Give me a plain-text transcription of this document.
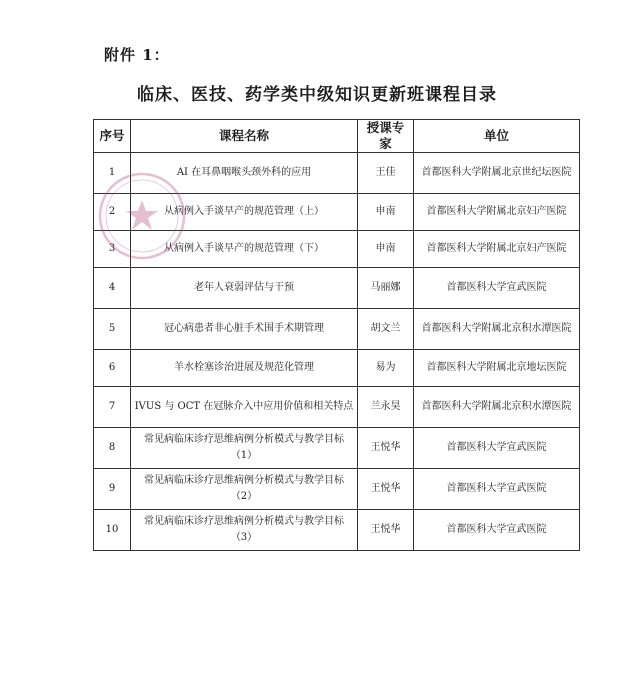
附件 1：
临床、医技、药学类中级知识更新班课程目录
序号	课程名称	授课专家	单位
1	AI 在耳鼻咽喉头颈外科的应用	王佳	首都医科大学附属北京世纪坛医院
2	从病例入手谈早产的规范管理（上）	申南	首都医科大学附属北京妇产医院
3	从病例入手谈早产的规范管理（下）	申南	首都医科大学附属北京妇产医院
4	老年人衰弱评估与干预	马丽娜	首都医科大学宣武医院
5	冠心病患者非心脏手术围手术期管理	胡文兰	首都医科大学附属北京积水潭医院
6	羊水栓塞诊治进展及规范化管理	易为	首都医科大学附属北京地坛医院
7	IVUS 与 OCT 在冠脉介入中应用价值和相关特点	兰永昊	首都医科大学附属北京积水潭医院
8	常见病临床诊疗思维病例分析模式与教学目标（1）	王悦华	首都医科大学宣武医院
9	常见病临床诊疗思维病例分析模式与教学目标（2）	王悦华	首都医科大学宣武医院
10	常见病临床诊疗思维病例分析模式与教学目标（3）	王悦华	首都医科大学宣武医院
